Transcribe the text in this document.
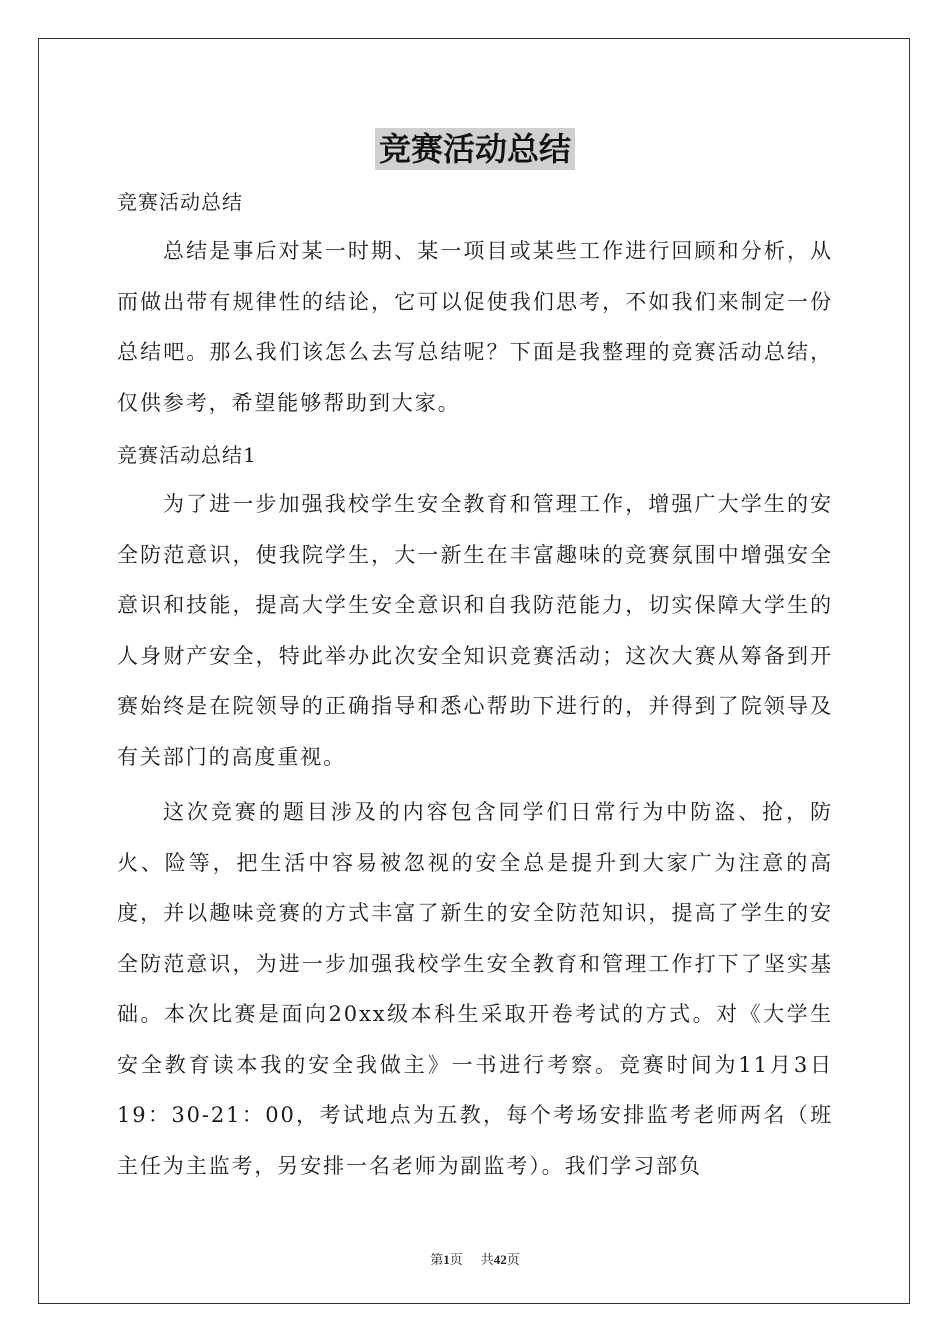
竞赛活动总结

竞赛活动总结

总结是事后对某一时期、某一项目或某些工作进行回顾和分析，从而做出带有规律性的结论，它可以促使我们思考，不如我们来制定一份总结吧。那么我们该怎么去写总结呢？下面是我整理的竞赛活动总结，仅供参考，希望能够帮助到大家。

竞赛活动总结1

为了进一步加强我校学生安全教育和管理工作，增强广大学生的安全防范意识，使我院学生，大一新生在丰富趣味的竞赛氛围中增强安全意识和技能，提高大学生安全意识和自我防范能力，切实保障大学生的人身财产安全，特此举办此次安全知识竞赛活动；这次大赛从筹备到开赛始终是在院领导的正确指导和悉心帮助下进行的，并得到了院领导及有关部门的高度重视。

这次竞赛的题目涉及的内容包含同学们日常行为中防盗、抢，防火、险等，把生活中容易被忽视的安全总是提升到大家广为注意的高度，并以趣味竞赛的方式丰富了新生的安全防范知识，提高了学生的安全防范意识，为进一步加强我校学生安全教育和管理工作打下了坚实基础。本次比赛是面向20xx级本科生采取开卷考试的方式。对《大学生安全教育读本我的安全我做主》一书进行考察。竞赛时间为11月3日19：30-21：00，考试地点为五教，每个考场安排监考老师两名（班主任为主监考，另安排一名老师为副监考）。我们学习部负

第1页 共42页
